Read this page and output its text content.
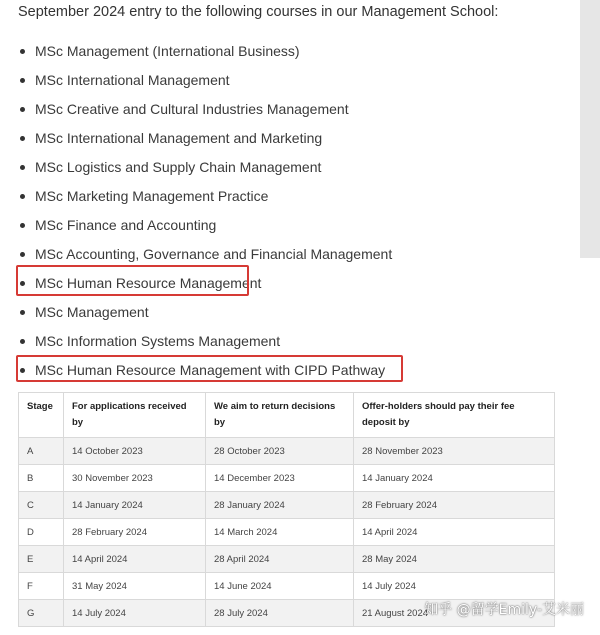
September 2024 entry to the following courses in our Management School:
MSc Management (International Business)
MSc International Management
MSc Creative and Cultural Industries Management
MSc International Management and Marketing
MSc Logistics and Supply Chain Management
MSc Marketing Management Practice
MSc Finance and Accounting
MSc Accounting, Governance and Financial Management
MSc Human Resource Management
MSc Management
MSc Information Systems Management
MSc Human Resource Management with CIPD Pathway
Stage	For applications received by	We aim to return decisions by	Offer-holders should pay their fee deposit by
A	14 October 2023	28 October 2023	28 November 2023
B	30 November 2023	14 December 2023	14 January 2024
C	14 January 2024	28 January 2024	28 February 2024
D	28 February 2024	14 March 2024	14 April 2024
E	14 April 2024	28 April 2024	28 May 2024
F	31 May 2024	14 June 2024	14 July 2024
G	14 July 2024	28 July 2024	21 August 2024
知乎 @留学Emily-艾米丽
